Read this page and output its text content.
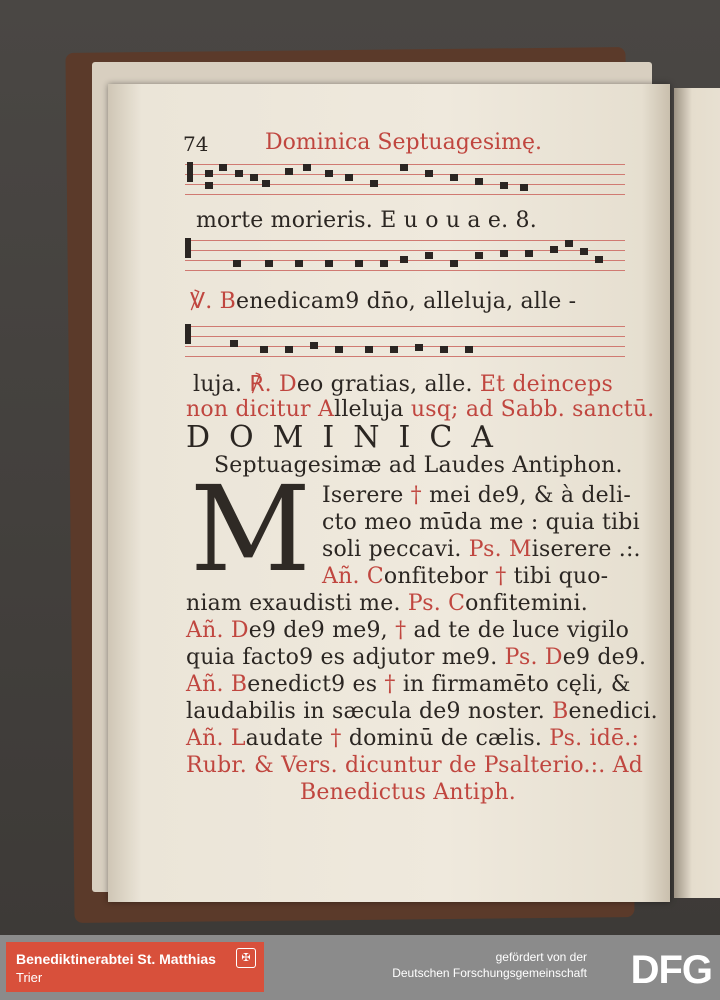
74	Dominica Septuagesimę.
morte morieris. E u o u a e. 8.
℣. Benedicam9 dn̄o, alleluja, alle -
luja. ℟. Deo gratias, alle. Et deinceps
non dicitur Alleluja usq; ad Sabb. sanctū.
DOMINICA
Septuagesimæ ad Laudes Antiphon.
M Iserere † mei de9, & à deli-
cto meo mūda me : quia tibi
soli peccavi. Ps. Miserere .:.
Añ. Confitebor † tibi quo-
niam exaudisti me. Ps. Confitemini.
Añ. De9 de9 me9, † ad te de luce vigilo
quia facto9 es adjutor me9. Ps. De9 de9.
Añ. Benedict9 es † in firmamēto cęli, &
laudabilis in sæcula de9 noster. Benedici.
Añ. Laudate † dominū de cælis. Ps. idē.:
Rubr. & Vers. dicuntur de Psalterio.:. Ad
Benedictus Antiph.
Benediktinerabtei St. Matthias
Trier
✠	gefördert von der
Deutschen Forschungsgemeinschaft DFG
